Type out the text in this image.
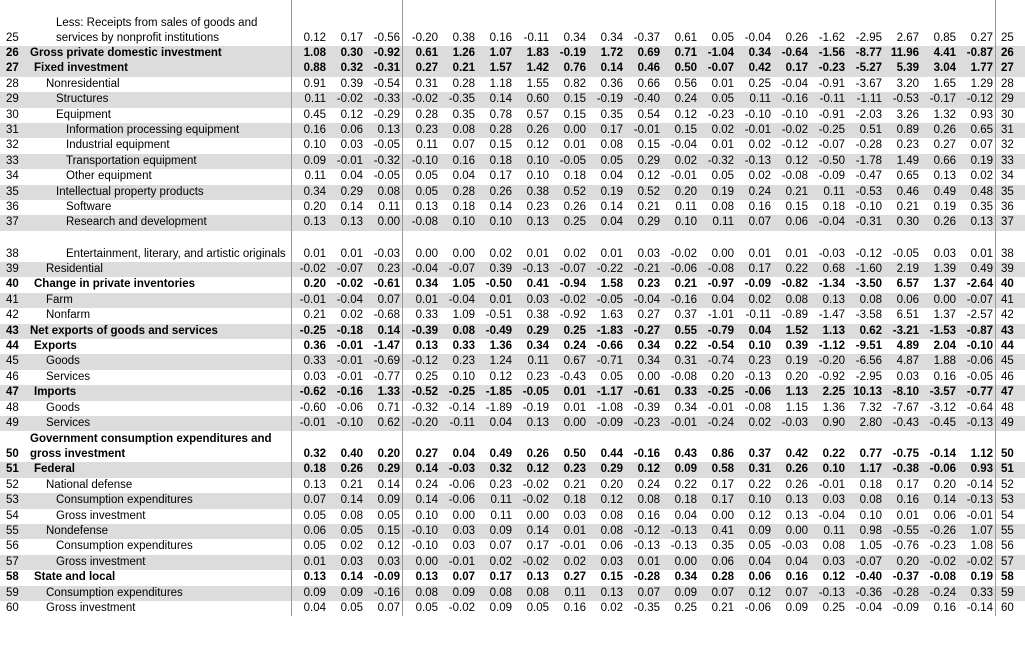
25	Less: Receipts from sales of goods and services by nonprofit institutions	0.12	0.17	-0.56	-0.20	0.38	0.16	-0.11	0.34	0.34	-0.37	0.61	0.05	-0.04	0.26	-1.62	-2.95	2.67	0.85	0.27	25
26	Gross private domestic investment	1.08	0.30	-0.92	0.61	1.26	1.07	1.83	-0.19	1.72	0.69	0.71	-1.04	0.34	-0.64	-1.56	-8.77	11.96	4.41	-0.87	26
27	Fixed investment	0.88	0.32	-0.31	0.27	0.21	1.57	1.42	0.76	0.14	0.46	0.50	-0.07	0.42	0.17	-0.23	-5.27	5.39	3.04	1.77	27
28	Nonresidential	0.91	0.39	-0.54	0.31	0.28	1.18	1.55	0.82	0.36	0.66	0.56	0.01	0.25	-0.04	-0.91	-3.67	3.20	1.65	1.29	28
29	Structures	0.11	-0.02	-0.33	-0.02	-0.35	0.14	0.60	0.15	-0.19	-0.40	0.24	0.05	0.11	-0.16	-0.11	-1.11	-0.53	-0.17	-0.12	29
30	Equipment	0.45	0.12	-0.29	0.28	0.35	0.78	0.57	0.15	0.35	0.54	0.12	-0.23	-0.10	-0.10	-0.91	-2.03	3.26	1.32	0.93	30
31	Information processing equipment	0.16	0.06	0.13	0.23	0.08	0.28	0.26	0.00	0.17	-0.01	0.15	0.02	-0.01	-0.02	-0.25	0.51	0.89	0.26	0.65	31
32	Industrial equipment	0.10	0.03	-0.05	0.11	0.07	0.15	0.12	0.01	0.08	0.15	-0.04	0.01	0.02	-0.12	-0.07	-0.28	0.23	0.27	0.07	32
33	Transportation equipment	0.09	-0.01	-0.32	-0.10	0.16	0.18	0.10	-0.05	0.05	0.29	0.02	-0.32	-0.13	0.12	-0.50	-1.78	1.49	0.66	0.19	33
34	Other equipment	0.11	0.04	-0.05	0.05	0.04	0.17	0.10	0.18	0.04	0.12	-0.01	0.05	0.02	-0.08	-0.09	-0.47	0.65	0.13	0.02	34
35	Intellectual property products	0.34	0.29	0.08	0.05	0.28	0.26	0.38	0.52	0.19	0.52	0.20	0.19	0.24	0.21	0.11	-0.53	0.46	0.49	0.48	35
36	Software	0.20	0.14	0.11	0.13	0.18	0.14	0.23	0.26	0.14	0.21	0.11	0.08	0.16	0.15	0.18	-0.10	0.21	0.19	0.35	36
37	Research and development	0.13	0.13	0.00	-0.08	0.10	0.10	0.13	0.25	0.04	0.29	0.10	0.11	0.07	0.06	-0.04	-0.31	0.30	0.26	0.13	37
38	Entertainment, literary, and artistic originals	0.01	0.01	-0.03	0.00	0.00	0.02	0.01	0.02	0.01	0.03	-0.02	0.00	0.01	0.01	-0.03	-0.12	-0.05	0.03	0.01	38
39	Residential	-0.02	-0.07	0.23	-0.04	-0.07	0.39	-0.13	-0.07	-0.22	-0.21	-0.06	-0.08	0.17	0.22	0.68	-1.60	2.19	1.39	0.49	39
40	Change in private inventories	0.20	-0.02	-0.61	0.34	1.05	-0.50	0.41	-0.94	1.58	0.23	0.21	-0.97	-0.09	-0.82	-1.34	-3.50	6.57	1.37	-2.64	40
41	Farm	-0.01	-0.04	0.07	0.01	-0.04	0.01	0.03	-0.02	-0.05	-0.04	-0.16	0.04	0.02	0.08	0.13	0.08	0.06	0.00	-0.07	41
42	Nonfarm	0.21	0.02	-0.68	0.33	1.09	-0.51	0.38	-0.92	1.63	0.27	0.37	-1.01	-0.11	-0.89	-1.47	-3.58	6.51	1.37	-2.57	42
43	Net exports of goods and services	-0.25	-0.18	0.14	-0.39	0.08	-0.49	0.29	0.25	-1.83	-0.27	0.55	-0.79	0.04	1.52	1.13	0.62	-3.21	-1.53	-0.87	43
44	Exports	0.36	-0.01	-1.47	0.13	0.33	1.36	0.34	0.24	-0.66	0.34	0.22	-0.54	0.10	0.39	-1.12	-9.51	4.89	2.04	-0.10	44
45	Goods	0.33	-0.01	-0.69	-0.12	0.23	1.24	0.11	0.67	-0.71	0.34	0.31	-0.74	0.23	0.19	-0.20	-6.56	4.87	1.88	-0.06	45
46	Services	0.03	-0.01	-0.77	0.25	0.10	0.12	0.23	-0.43	0.05	0.00	-0.08	0.20	-0.13	0.20	-0.92	-2.95	0.03	0.16	-0.05	46
47	Imports	-0.62	-0.16	1.33	-0.52	-0.25	-1.85	-0.05	0.01	-1.17	-0.61	0.33	-0.25	-0.06	1.13	2.25	10.13	-8.10	-3.57	-0.77	47
48	Goods	-0.60	-0.06	0.71	-0.32	-0.14	-1.89	-0.19	0.01	-1.08	-0.39	0.34	-0.01	-0.08	1.15	1.36	7.32	-7.67	-3.12	-0.64	48
49	Services	-0.01	-0.10	0.62	-0.20	-0.11	0.04	0.13	0.00	-0.09	-0.23	-0.01	-0.24	0.02	-0.03	0.90	2.80	-0.43	-0.45	-0.13	49
50	Government consumption expenditures and gross investment	0.32	0.40	0.20	0.27	0.04	0.49	0.26	0.50	0.44	-0.16	0.43	0.86	0.37	0.42	0.22	0.77	-0.75	-0.14	1.12	50
51	Federal	0.18	0.26	0.29	0.14	-0.03	0.32	0.12	0.23	0.29	0.12	0.09	0.58	0.31	0.26	0.10	1.17	-0.38	-0.06	0.93	51
52	National defense	0.13	0.21	0.14	0.24	-0.06	0.23	-0.02	0.21	0.20	0.24	0.22	0.17	0.22	0.26	-0.01	0.18	0.17	0.20	-0.14	52
53	Consumption expenditures	0.07	0.14	0.09	0.14	-0.06	0.11	-0.02	0.18	0.12	0.08	0.18	0.17	0.10	0.13	0.03	0.08	0.16	0.14	-0.13	53
54	Gross investment	0.05	0.08	0.05	0.10	0.00	0.11	0.00	0.03	0.08	0.16	0.04	0.00	0.12	0.13	-0.04	0.10	0.01	0.06	-0.01	54
55	Nondefense	0.06	0.05	0.15	-0.10	0.03	0.09	0.14	0.01	0.08	-0.12	-0.13	0.41	0.09	0.00	0.11	0.98	-0.55	-0.26	1.07	55
56	Consumption expenditures	0.05	0.02	0.12	-0.10	0.03	0.07	0.17	-0.01	0.06	-0.13	-0.13	0.35	0.05	-0.03	0.08	1.05	-0.76	-0.23	1.08	56
57	Gross investment	0.01	0.03	0.03	0.00	-0.01	0.02	-0.02	0.02	0.03	0.01	0.00	0.06	0.04	0.04	0.03	-0.07	0.20	-0.02	-0.02	57
58	State and local	0.13	0.14	-0.09	0.13	0.07	0.17	0.13	0.27	0.15	-0.28	0.34	0.28	0.06	0.16	0.12	-0.40	-0.37	-0.08	0.19	58
59	Consumption expenditures	0.09	0.09	-0.16	0.08	0.09	0.08	0.08	0.11	0.13	0.07	0.09	0.07	0.12	0.07	-0.13	-0.36	-0.28	-0.24	0.33	59
60	Gross investment	0.04	0.05	0.07	0.05	-0.02	0.09	0.05	0.16	0.02	-0.35	0.25	0.21	-0.06	0.09	0.25	-0.04	-0.09	0.16	-0.14	60
